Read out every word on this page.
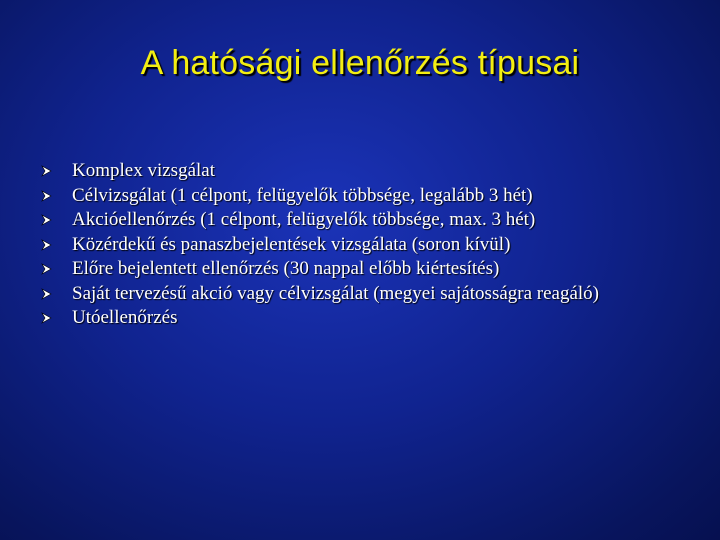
A hatósági ellenőrzés típusai
Komplex vizsgálat
Célvizsgálat (1 célpont, felügyelők többsége, legalább 3 hét)
Akcióellenőrzés (1 célpont, felügyelők többsége, max. 3 hét)
Közérdekű és panaszbejelentések vizsgálata (soron kívül)
Előre bejelentett ellenőrzés (30 nappal előbb kiértesítés)
Saját tervezésű akció vagy célvizsgálat (megyei sajátosságra reagáló)
Utóellenőrzés
